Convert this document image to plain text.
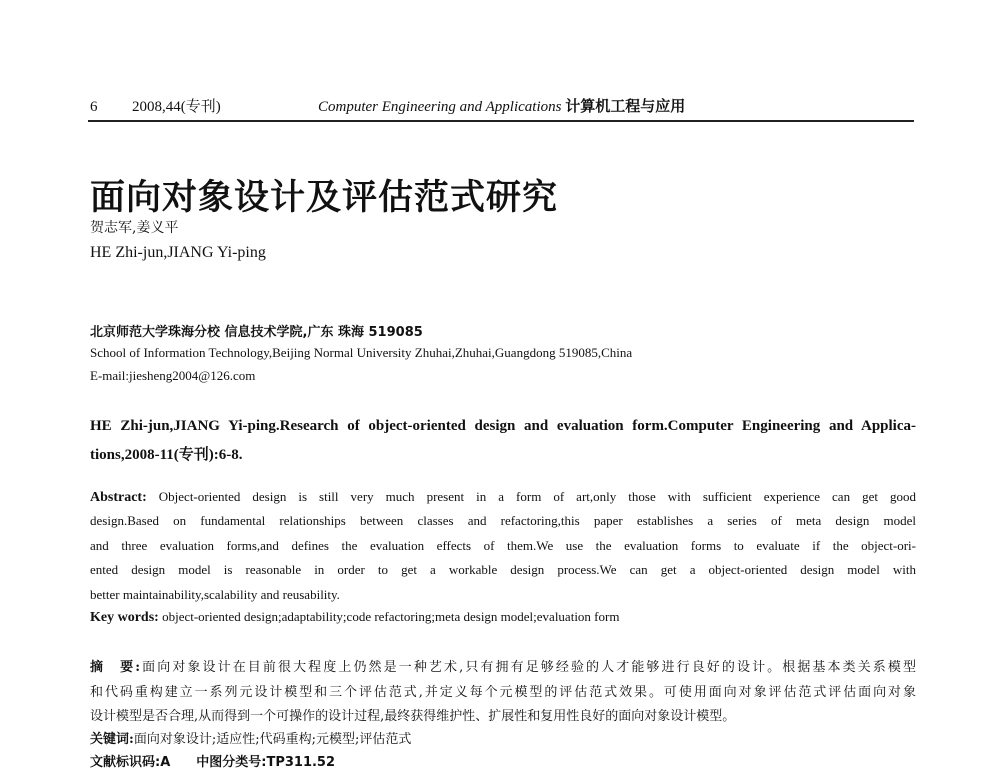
6 2008,44(专刊)	Computer Engineering and Applications 计算机工程与应用
面向对象设计及评估范式研究
贺志军,姜义平
HE Zhi-jun,JIANG Yi-ping
北京师范大学珠海分校 信息技术学院,广东 珠海 519085
School of Information Technology,Beijing Normal University Zhuhai,Zhuhai,Guangdong 519085,China
E-mail:jiesheng2004@126.com
HE Zhi-jun,JIANG Yi-ping.Research of object-oriented design and evaluation form.Computer Engineering and Applica-
tions,2008-11(专刊):6-8.
Abstract: Object-oriented design is still very much present in a form of art,only those with sufficient experience can get good
design.Based on fundamental relationships between classes and refactoring,this paper establishes a series of meta design model
and three evaluation forms,and defines the evaluation effects of them.We use the evaluation forms to evaluate if the object-ori-
ented design model is reasonable in order to get a workable design process.We can get a object-oriented design model with
better maintainability,scalability and reusability.
Key words: object-oriented design;adaptability;code refactoring;meta design model;evaluation form
摘　要:面向对象设计在目前很大程度上仍然是一种艺术,只有拥有足够经验的人才能够进行良好的设计。根据基本类关系模型
和代码重构建立一系列元设计模型和三个评估范式,并定义每个元模型的评估范式效果。可使用面向对象评估范式评估面向对象
设计模型是否合理,从而得到一个可操作的设计过程,最终获得维护性、扩展性和复用性良好的面向对象设计模型。
关键词:面向对象设计;适应性;代码重构;元模型;评估范式
文献标识码:A　　中图分类号:TP311.52
